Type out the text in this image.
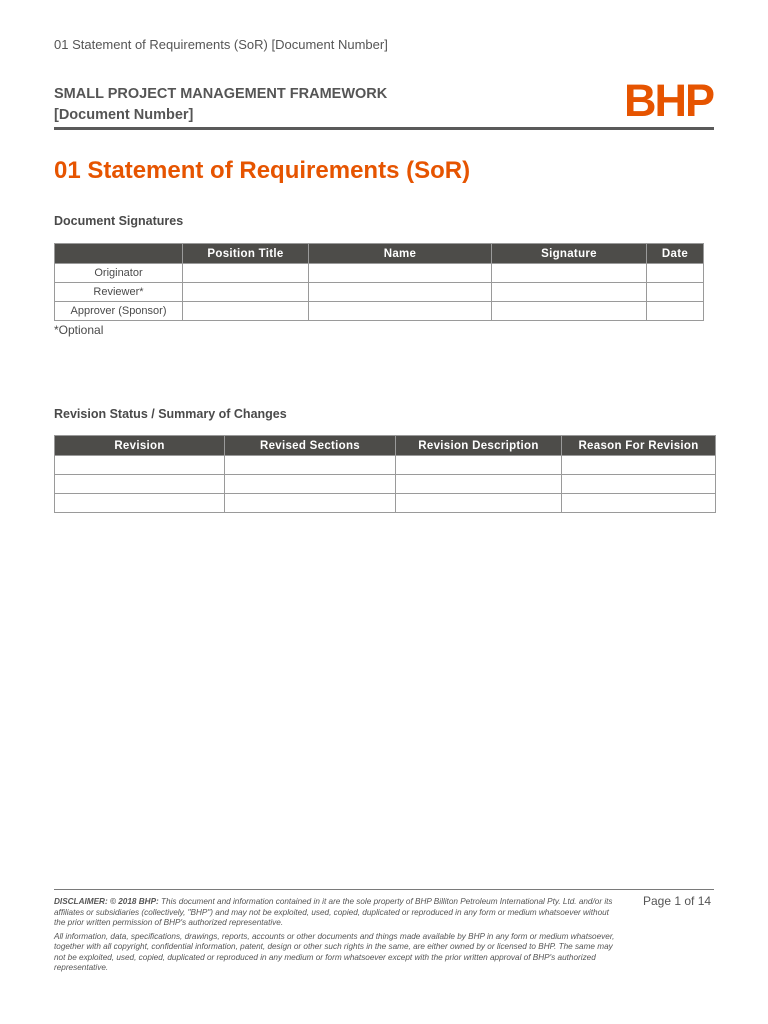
01 Statement of Requirements (SoR) [Document Number]
SMALL PROJECT MANAGEMENT FRAMEWORK
[Document Number]	BHP
01 Statement of Requirements (SoR)
Document Signatures
	Position Title	Name	Signature	Date
Originator				
Reviewer*				
Approver (Sponsor)				
*Optional
Revision Status / Summary of Changes
Revision	Revised Sections	Revision Description	Reason For Revision

DISCLAIMER: © 2018 BHP: This document and information contained in it are the sole property of BHP Billiton Petroleum International Pty. Ltd. and/or its affiliates or subsidiaries (collectively, "BHP") and may not be exploited, used, copied, duplicated or reproduced in any form or medium whatsoever without the prior written permission of BHP's authorized representative.

All information, data, specifications, drawings, reports, accounts or other documents and things made available by BHP in any form or medium whatsoever, together with all copyright, confidential information, patent, design or other such rights in the same, are either owned by or licensed to BHP. The same may not be exploited, used, copied, duplicated or reproduced in any medium or form whatsoever except with the prior written approval of BHP's authorized representative.

Page 1 of 14
